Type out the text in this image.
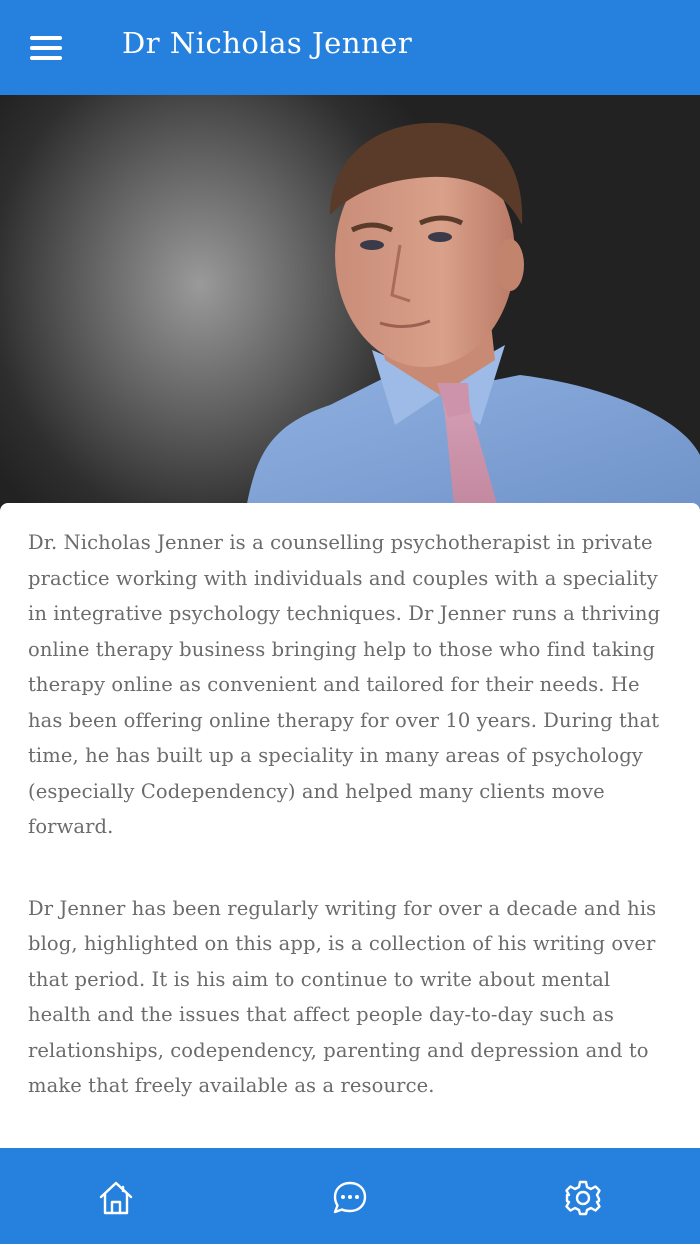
Dr Nicholas Jenner

Dr. Nicholas Jenner is a counselling psychotherapist in private practice working with individuals and couples with a speciality in integrative psychology techniques. Dr Jenner runs a thriving online therapy business bringing help to those who find taking therapy online as convenient and tailored for their needs. He has been offering online therapy for over 10 years. During that time, he has built up a speciality in many areas of psychology (especially Codependency) and helped many clients move forward.

Dr Jenner has been regularly writing for over a decade and his blog, highlighted on this app, is a collection of his writing over that period. It is his aim to continue to write about mental health and the issues that affect people day-to-day such as relationships, codependency, parenting and depression and to make that freely available as a resource.
